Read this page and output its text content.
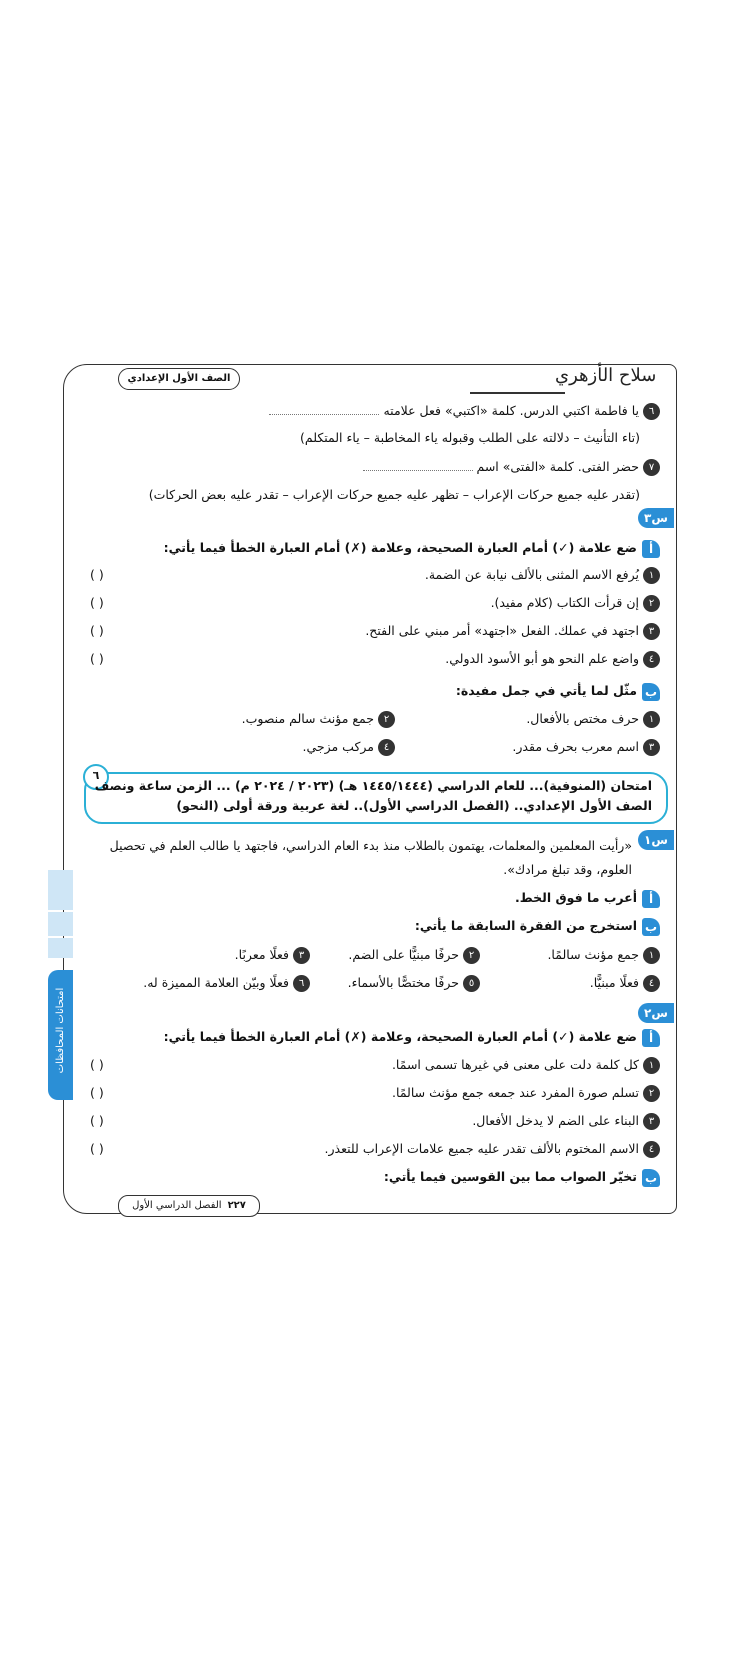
سلاح الأزهري
الصف الأول الإعدادي
٦يا فاطمة اكتبي الدرس. كلمة «اكتبي» فعل علامته
(تاء التأنيث – دلالته على الطلب وقبوله ياء المخاطبة – ياء المتكلم)
٧حضر الفتى. كلمة «الفتى» اسم
(تقدر عليه جميع حركات الإعراب – تظهر عليه جميع حركات الإعراب – تقدر عليه بعض الحركات)
س٣
أضع علامة (✓) أمام العبارة الصحيحة، وعلامة (✗) أمام العبارة الخطأ فيما يأتي:
١يُرفع الاسم المثنى بالألف نيابة عن الضمة.
( )
٢إن قرأت الكتاب (كلام مفيد).
( )
٣اجتهد في عملك. الفعل «اجتهد» أمر مبني على الفتح.
( )
٤واضع علم النحو هو أبو الأسود الدولي.
( )
بمثّل لما يأتي في جمل مفيدة:
١حرف مختص بالأفعال.
٢جمع مؤنث سالم منصوب.
٣اسم معرب بحرف مقدر.
٤مركب مزجي.
٦
امتحان (المنوفية)... للعام الدراسي (١٤٤٥/١٤٤٤ هـ) (٢٠٢٣ / ٢٠٢٤ م) ... الزمن ساعة ونصف
الصف الأول الإعدادي.. (الفصل الدراسي الأول).. لغة عربية ورقة أولى (النحو)
س١
«رأيت المعلمين والمعلمات، يهتمون بالطلاب منذ بدء العام الدراسي، فاجتهد يا طالب العلم في تحصيل
العلوم، وقد تبلغ مرادك».
أأعرب ما فوق الخط.
باستخرج من الفقرة السابقة ما يأتي:
١جمع مؤنث سالمًا.
٢حرفًا مبنيًّا على الضم.
٣فعلًا معربًا.
٤فعلًا مبنيًّا.
٥حرفًا مختصًّا بالأسماء.
٦فعلًا وبيّن العلامة المميزة له.
س٢
أضع علامة (✓) أمام العبارة الصحيحة، وعلامة (✗) أمام العبارة الخطأ فيما يأتي:
١كل كلمة دلت على معنى في غيرها تسمى اسمًا.
( )
٢تسلم صورة المفرد عند جمعه جمع مؤنث سالمًا.
( )
٣البناء على الضم لا يدخل الأفعال.
( )
٤الاسم المختوم بالألف تقدر عليه جميع علامات الإعراب للتعذر.
( )
بتخيّر الصواب مما بين القوسين فيما يأتي:
امتحانات المحافظات
٢٢٧الفصل الدراسي الأول
